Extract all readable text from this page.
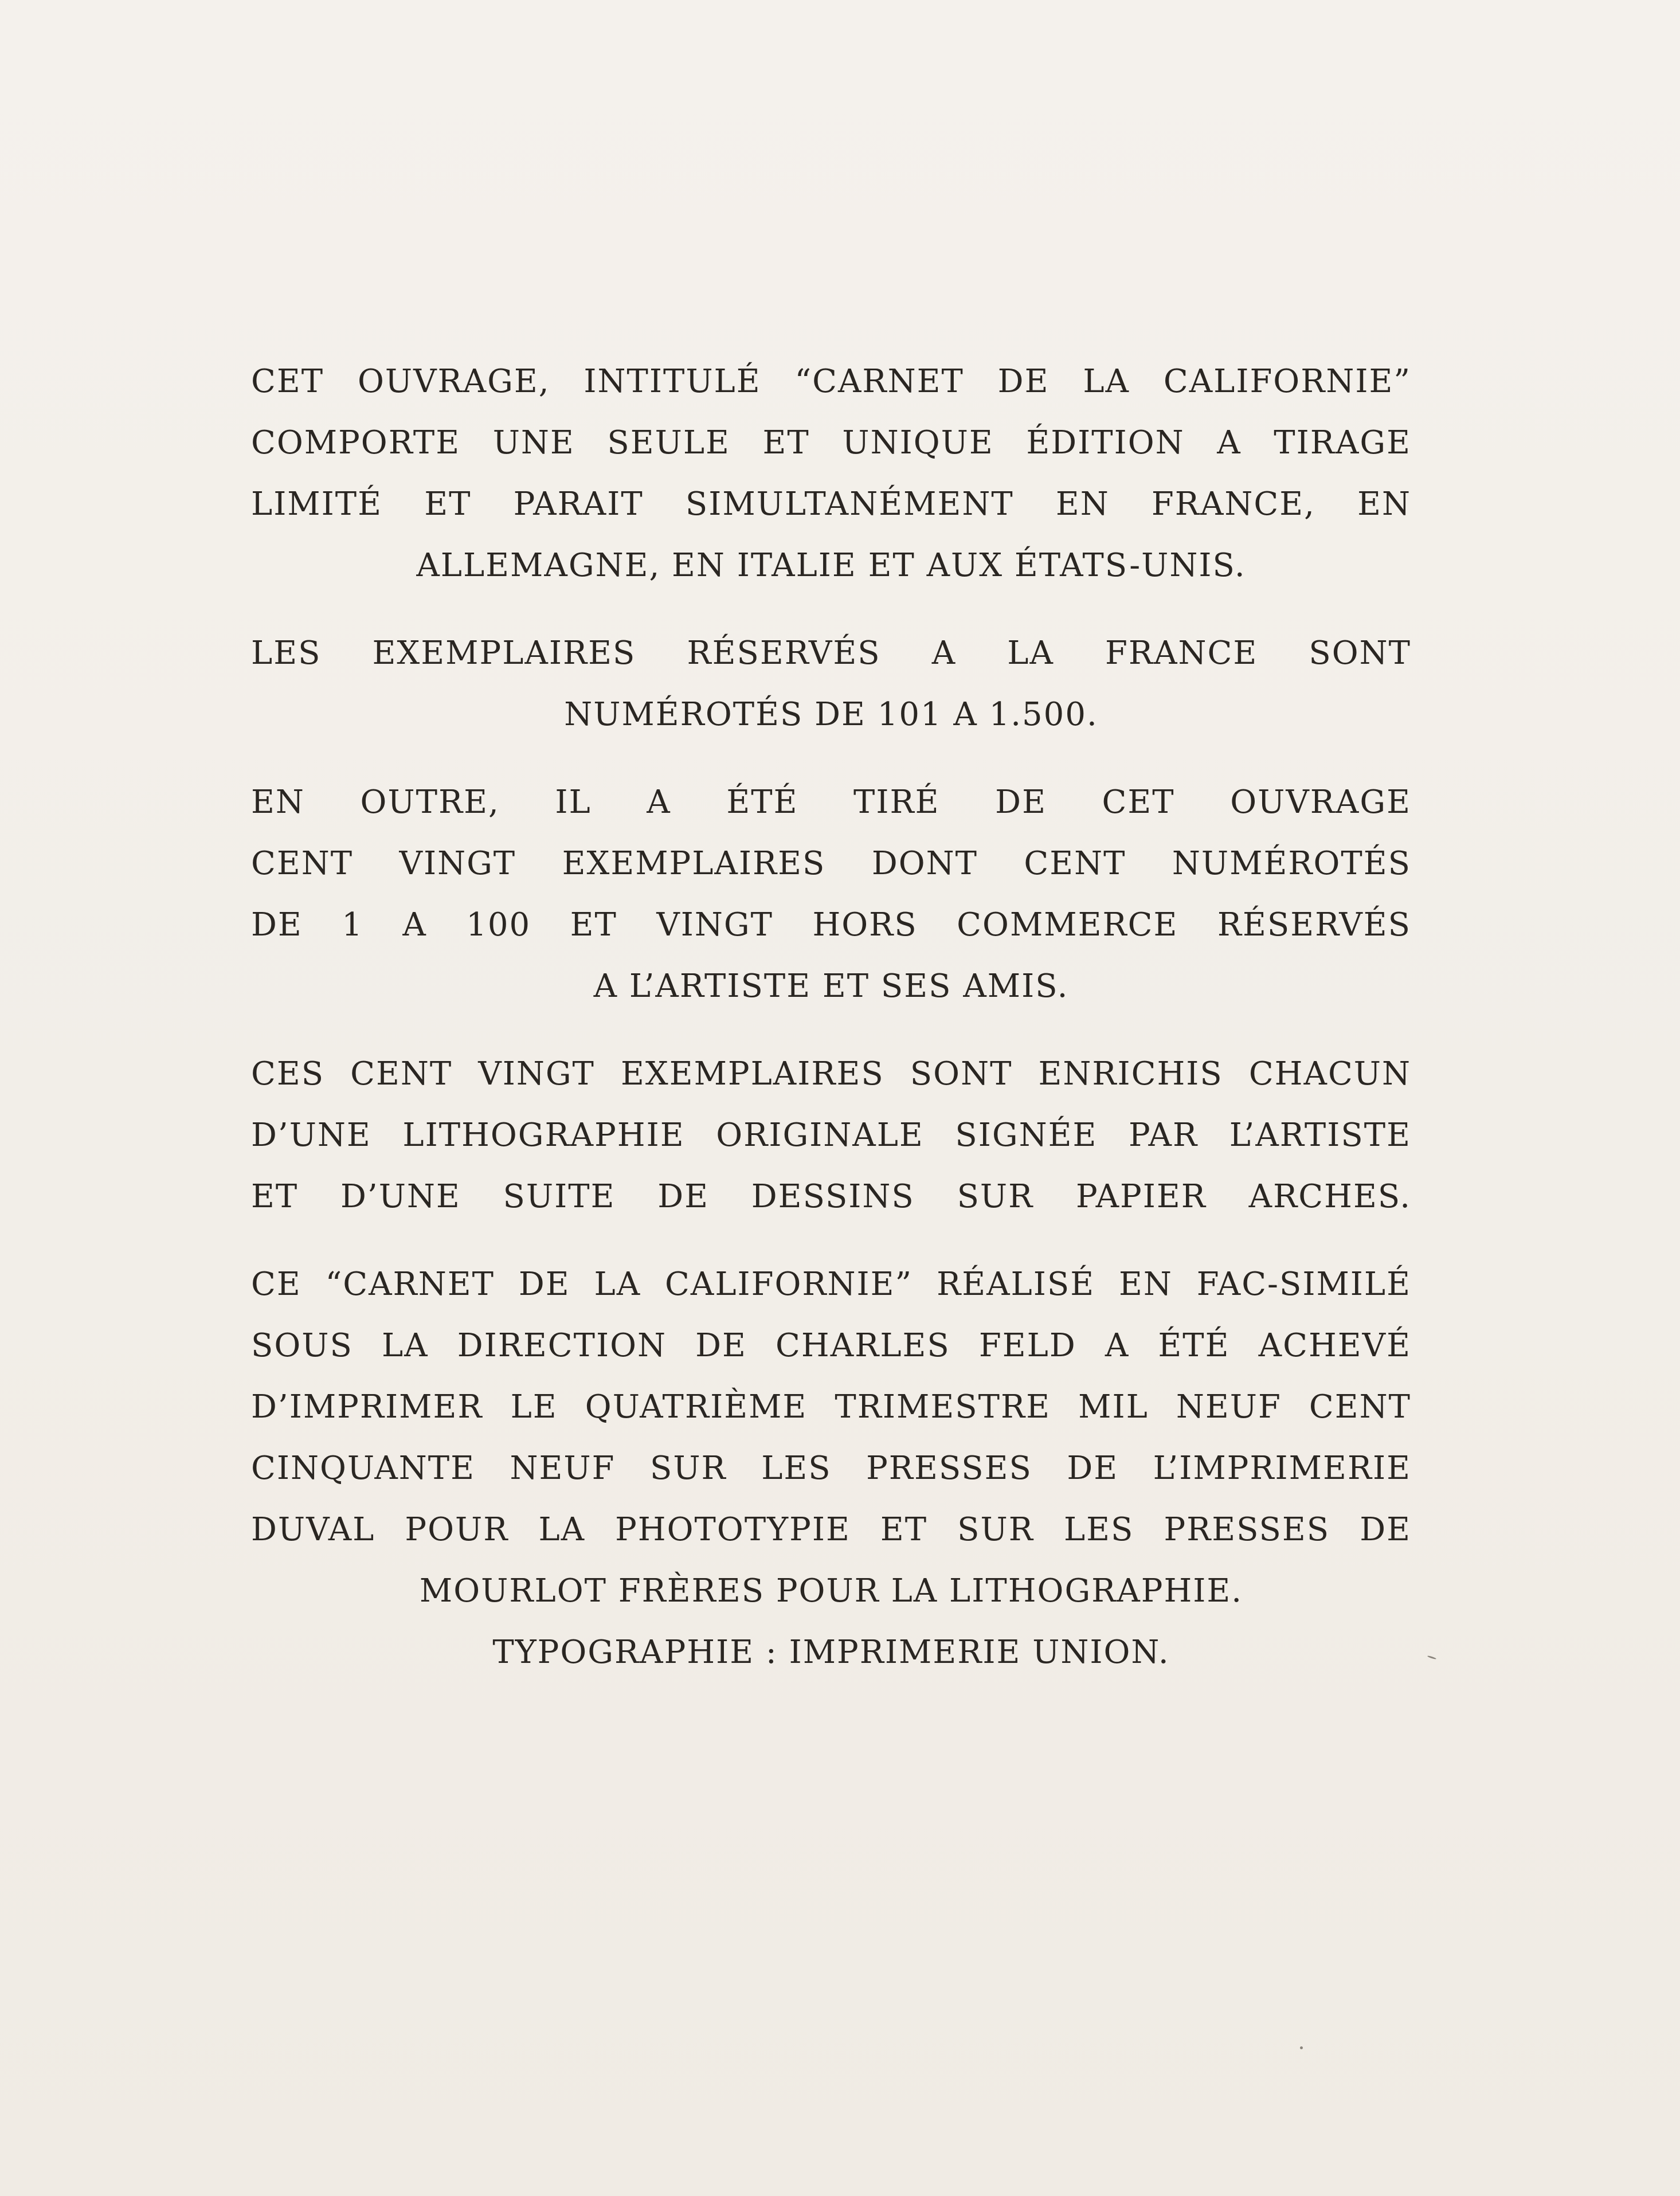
CET OUVRAGE, INTITULÉ “CARNET DE LA CALIFORNIE”
COMPORTE UNE SEULE ET UNIQUE ÉDITION A TIRAGE
LIMITÉ ET PARAIT SIMULTANÉMENT EN FRANCE, EN
ALLEMAGNE, EN ITALIE ET AUX ÉTATS-UNIS.
LES EXEMPLAIRES RÉSERVÉS A LA FRANCE SONT
NUMÉROTÉS DE 101 A 1.500.
EN OUTRE, IL A ÉTÉ TIRÉ DE CET OUVRAGE
CENT VINGT EXEMPLAIRES DONT CENT NUMÉROTÉS
DE 1 A 100 ET VINGT HORS COMMERCE RÉSERVÉS
A L’ARTISTE ET SES AMIS.
CES CENT VINGT EXEMPLAIRES SONT ENRICHIS CHACUN
D’UNE LITHOGRAPHIE ORIGINALE SIGNÉE PAR L’ARTISTE
ET D’UNE SUITE DE DESSINS SUR PAPIER ARCHES.
CE “CARNET DE LA CALIFORNIE” RÉALISÉ EN FAC-SIMILÉ
SOUS LA DIRECTION DE CHARLES FELD A ÉTÉ ACHEVÉ
D’IMPRIMER LE QUATRIÈME TRIMESTRE MIL NEUF CENT
CINQUANTE NEUF SUR LES PRESSES DE L’IMPRIMERIE
DUVAL POUR LA PHOTOTYPIE ET SUR LES PRESSES DE
MOURLOT FRÈRES POUR LA LITHOGRAPHIE.
TYPOGRAPHIE : IMPRIMERIE UNION.
